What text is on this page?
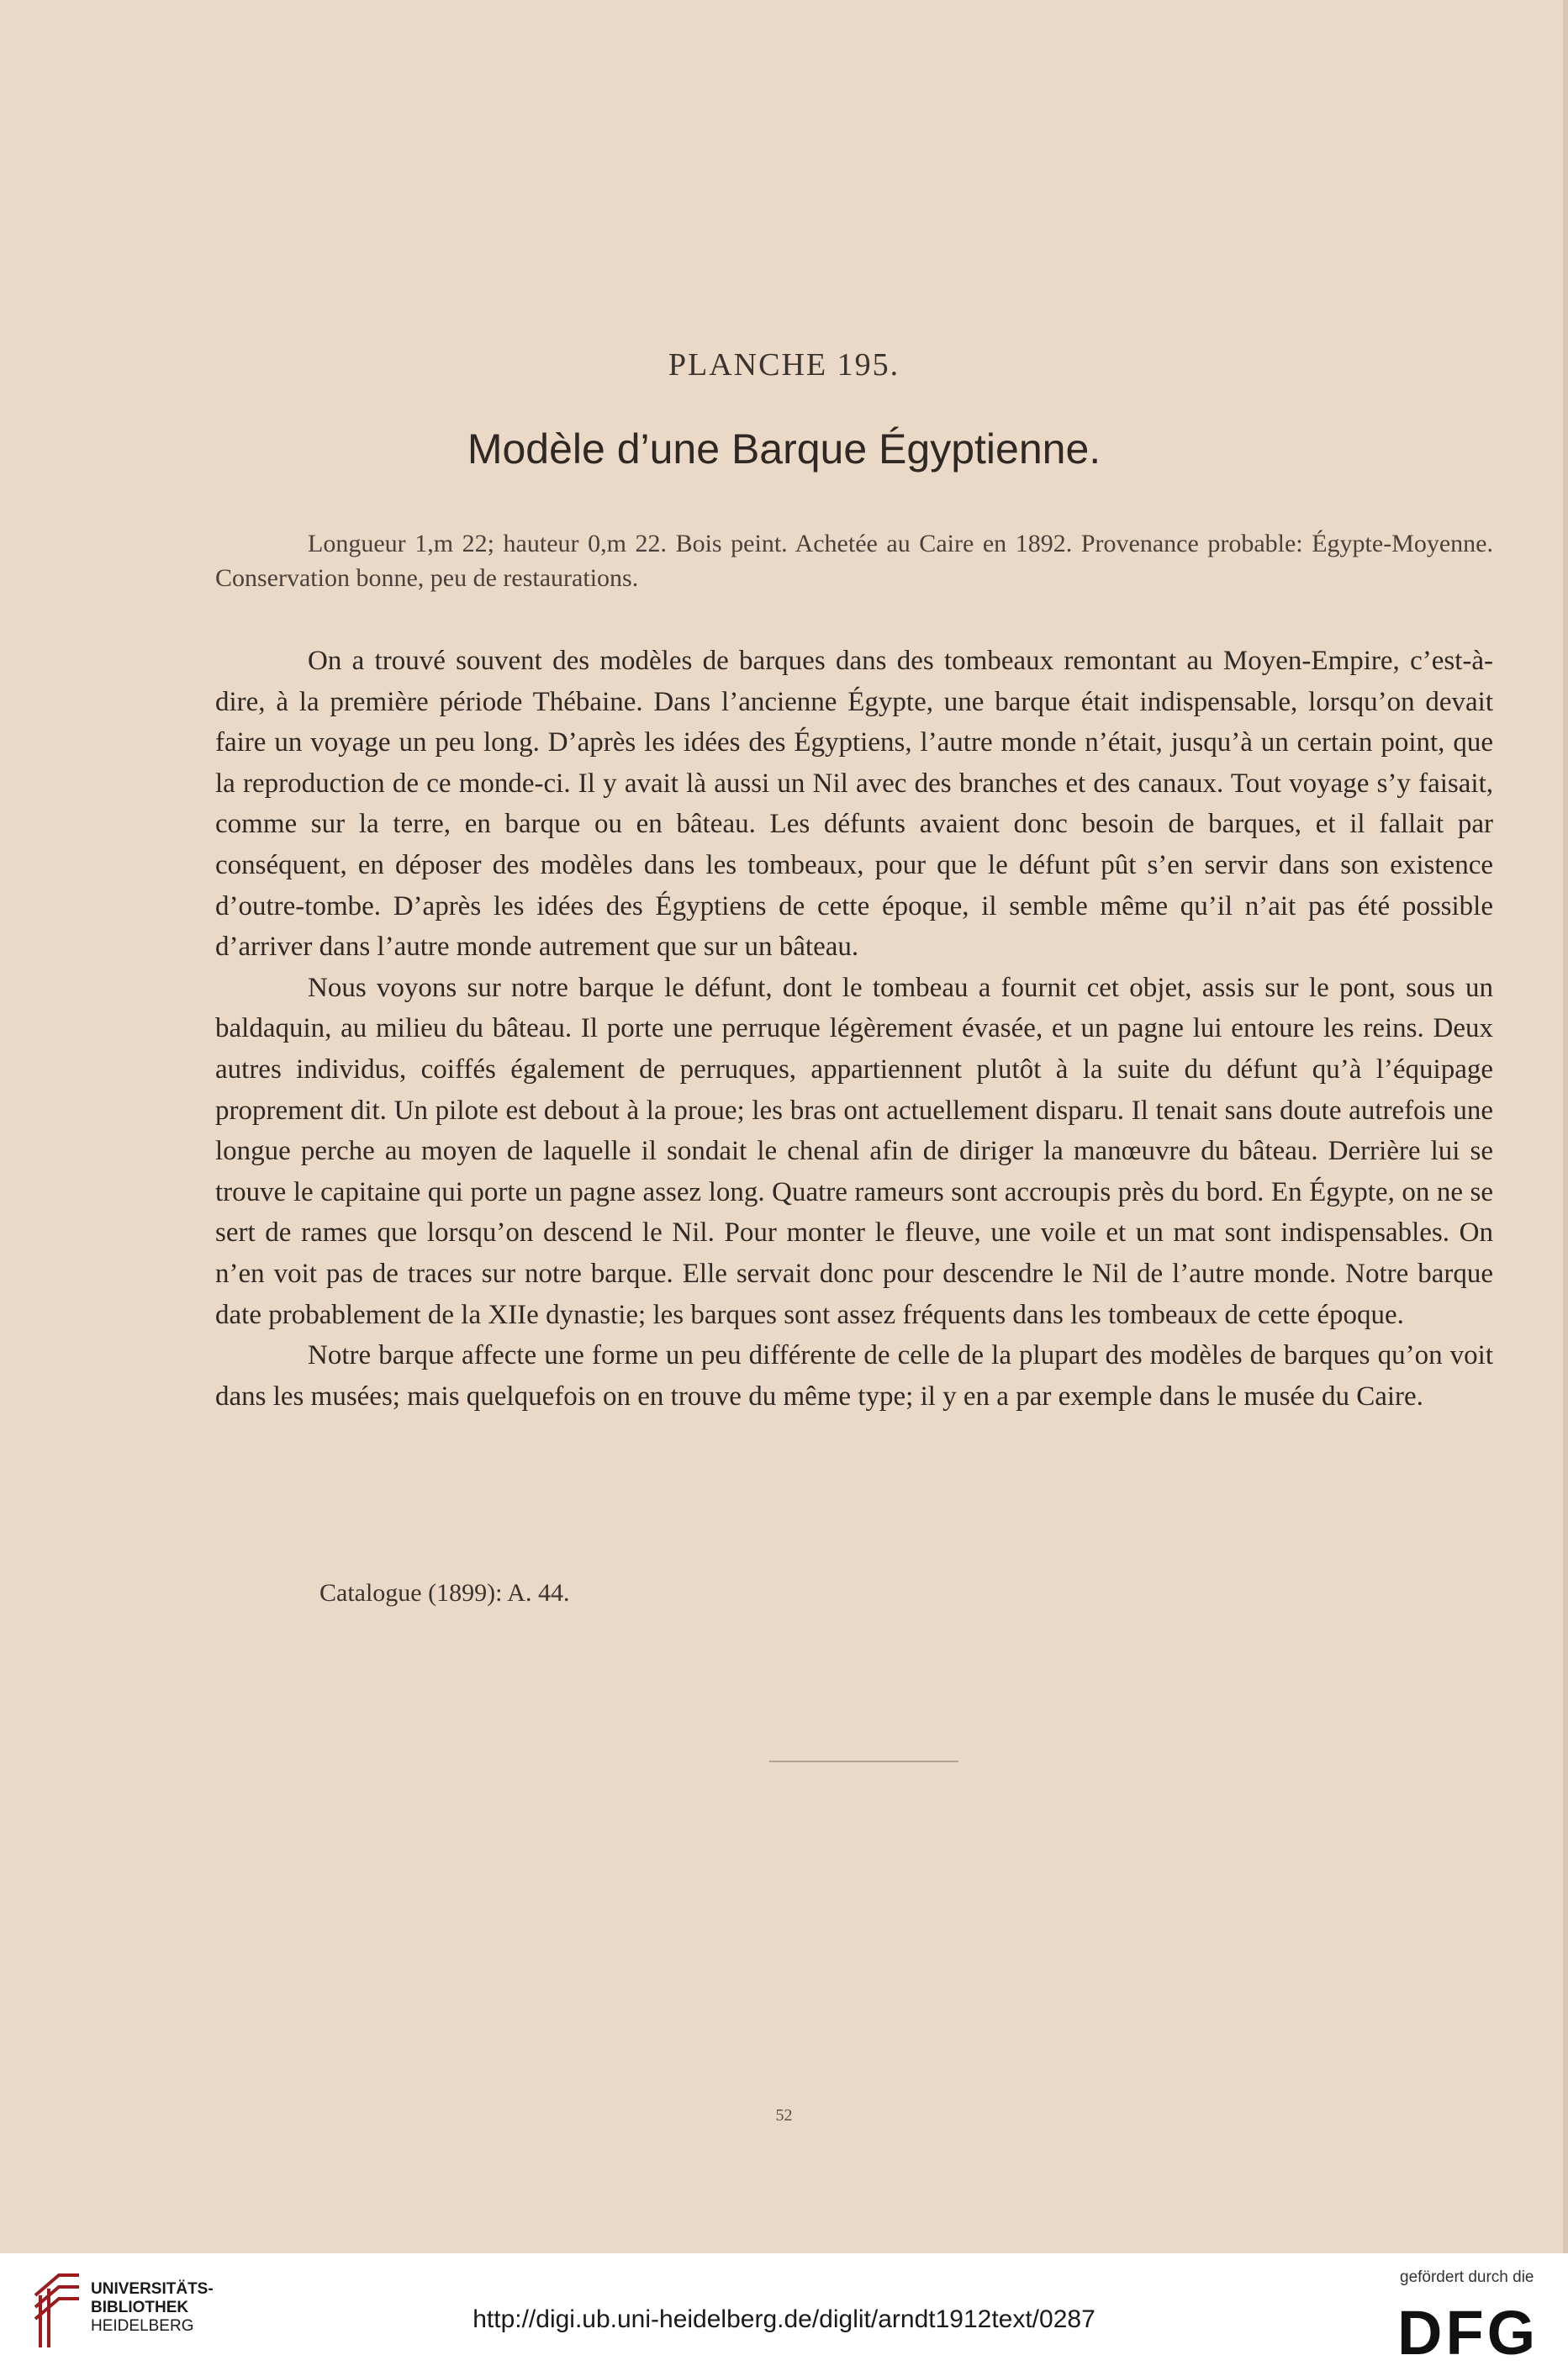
PLANCHE 195.
Modèle d’une Barque Égyptienne.

Longueur 1,m 22; hauteur 0,m 22. Bois peint. Achetée au Caire en 1892. Provenance probable: Égypte-Moyenne. Conservation bonne, peu de restaurations.

On a trouvé souvent des modèles de barques dans des tombeaux remontant au Moyen-Empire, c’est-à-dire, à la première période Thébaine. Dans l’ancienne Égypte, une barque était indispensable, lorsqu’on devait faire un voyage un peu long. D’après les idées des Égyptiens, l’autre monde n’était, jusqu’à un certain point, que la reproduction de ce monde-ci. Il y avait là aussi un Nil avec des branches et des canaux. Tout voyage s’y faisait, comme sur la terre, en barque ou en bâteau. Les défunts avaient donc besoin de barques, et il fallait par conséquent, en déposer des modèles dans les tombeaux, pour que le défunt pût s’en servir dans son existence d’outre-tombe. D’après les idées des Égyptiens de cette époque, il semble même qu’il n’ait pas été possible d’arriver dans l’autre monde autrement que sur un bâteau.

Nous voyons sur notre barque le défunt, dont le tombeau a fournit cet objet, assis sur le pont, sous un baldaquin, au milieu du bâteau. Il porte une perruque légèrement évasée, et un pagne lui entoure les reins. Deux autres individus, coiffés également de perruques, appartiennent plutôt à la suite du défunt qu’à l’équipage proprement dit. Un pilote est debout à la proue; les bras ont actuellement disparu. Il tenait sans doute autrefois une longue perche au moyen de laquelle il sondait le chenal afin de diriger la manœuvre du bâteau. Derrière lui se trouve le capitaine qui porte un pagne assez long. Quatre rameurs sont accroupis près du bord. En Égypte, on ne se sert de rames que lorsqu’on descend le Nil. Pour monter le fleuve, une voile et un mat sont indispensables. On n’en voit pas de traces sur notre barque. Elle servait donc pour descendre le Nil de l’autre monde. Notre barque date probablement de la XIIe dynastie; les barques sont assez fréquents dans les tombeaux de cette époque.

Notre barque affecte une forme un peu différente de celle de la plupart des modèles de barques qu’on voit dans les musées; mais quelquefois on en trouve du même type; il y en a par exemple dans le musée du Caire.

Catalogue (1899): A. 44.
52
UNIVERSITÄTS-
BIBLIOTHEK
HEIDELBERG	http://digi.ub.uni-heidelberg.de/diglit/arndt1912text/0287
gefördert durch die
DFG
